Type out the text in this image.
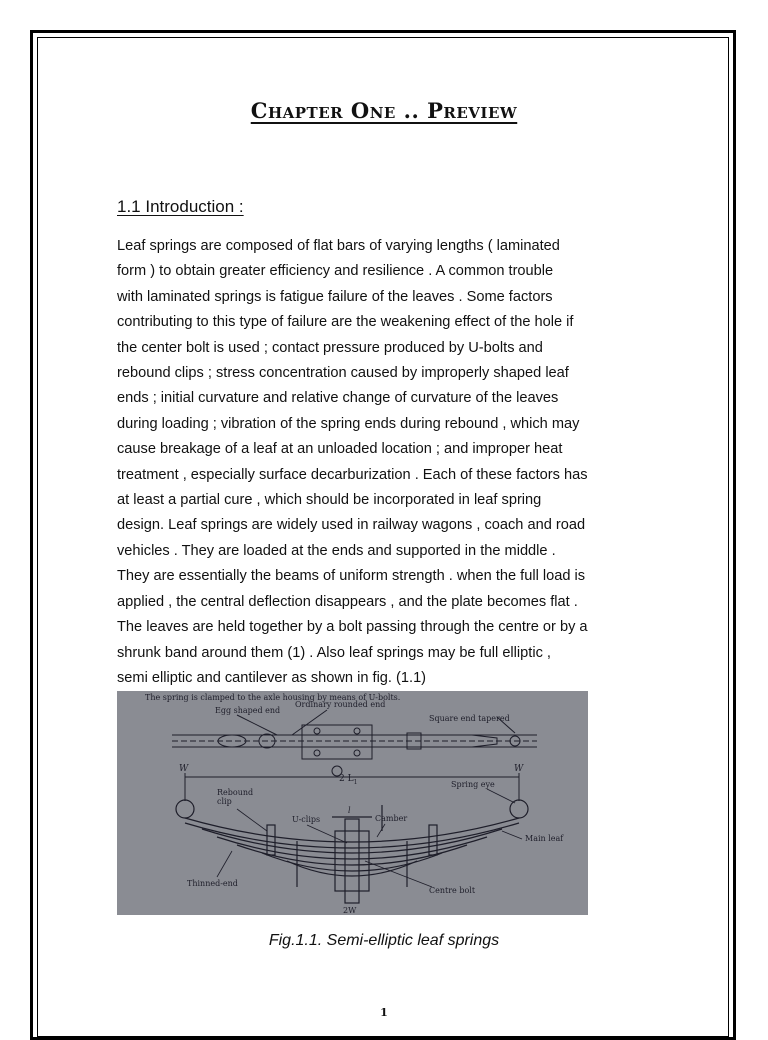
Chapter One .. Preview
1.1 Introduction :
Leaf springs are composed of flat bars of varying lengths ( laminated
form ) to obtain greater efficiency and resilience . A common trouble
with laminated springs is fatigue failure of the leaves . Some factors
contributing to this type of failure are the weakening effect of the hole if
the center bolt is used ; contact pressure produced by U-bolts and
rebound clips ; stress concentration caused by improperly shaped leaf
ends ; initial curvature and relative change of curvature of the leaves
during loading ; vibration of the spring ends during rebound , which may
cause breakage of a leaf at an unloaded location ; and improper heat
treatment , especially surface decarburization . Each of these factors has
at least a partial cure , which should be incorporated in leaf spring
design. Leaf springs are widely used in railway wagons , coach and road
vehicles . They are loaded at the ends and supported in the middle .
They are essentially the beams of uniform strength . when the full load is
applied , the central deflection disappears , and the plate becomes flat .
The leaves are held together by a bolt passing through the centre or by a
shrunk band around them (1) . Also leaf springs may be full elliptic ,
semi elliptic and cantilever as shown in fig. (1.1)
The spring is clamped to the axle housing by means of U-bolts.
Egg shaped end
Ordinary rounded end
Square end tapered
W	W
2 $L_1$
Rebound
clip
Spring eye
U-clips
l
Camber
Main leaf
Thinned-end
Centre bolt
2W
Fig.1.1. Semi-elliptic leaf springs
1
